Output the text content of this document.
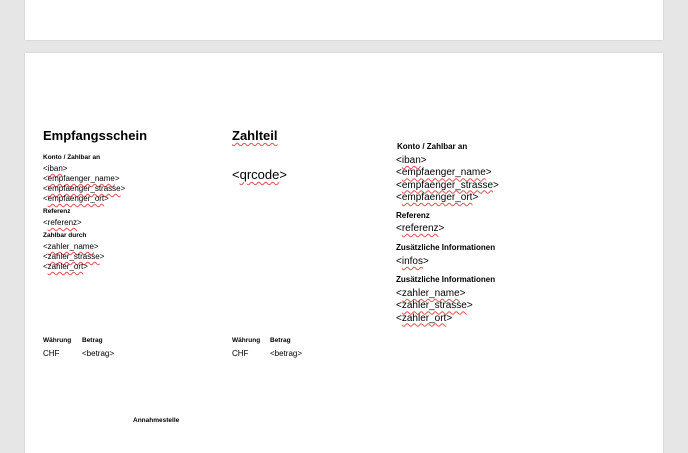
Empfangsschein
Konto / Zahlbar an
<iban>
<empfaenger_name>
<empfaenger_strasse>
<empfaenger_ort>
Referenz
<referenz>
Zahlbar durch
<zahler_name>
<zahler_strasse>
<zahler_ort>
Währung Betrag
CHF	<betrag>
Annahmestelle
Zahlteil
<qrcode>
Währung Betrag
CHF	<betrag>
Konto / Zahlbar an
<iban>
<empfaenger_name>
<empfaenger_strasse>
<empfaenger_ort>
Referenz
<referenz>
Zusätzliche Informationen
<infos>
Zusätzliche Informationen
<zahler_name>
<zahler_strasse>
<zahler_ort>
